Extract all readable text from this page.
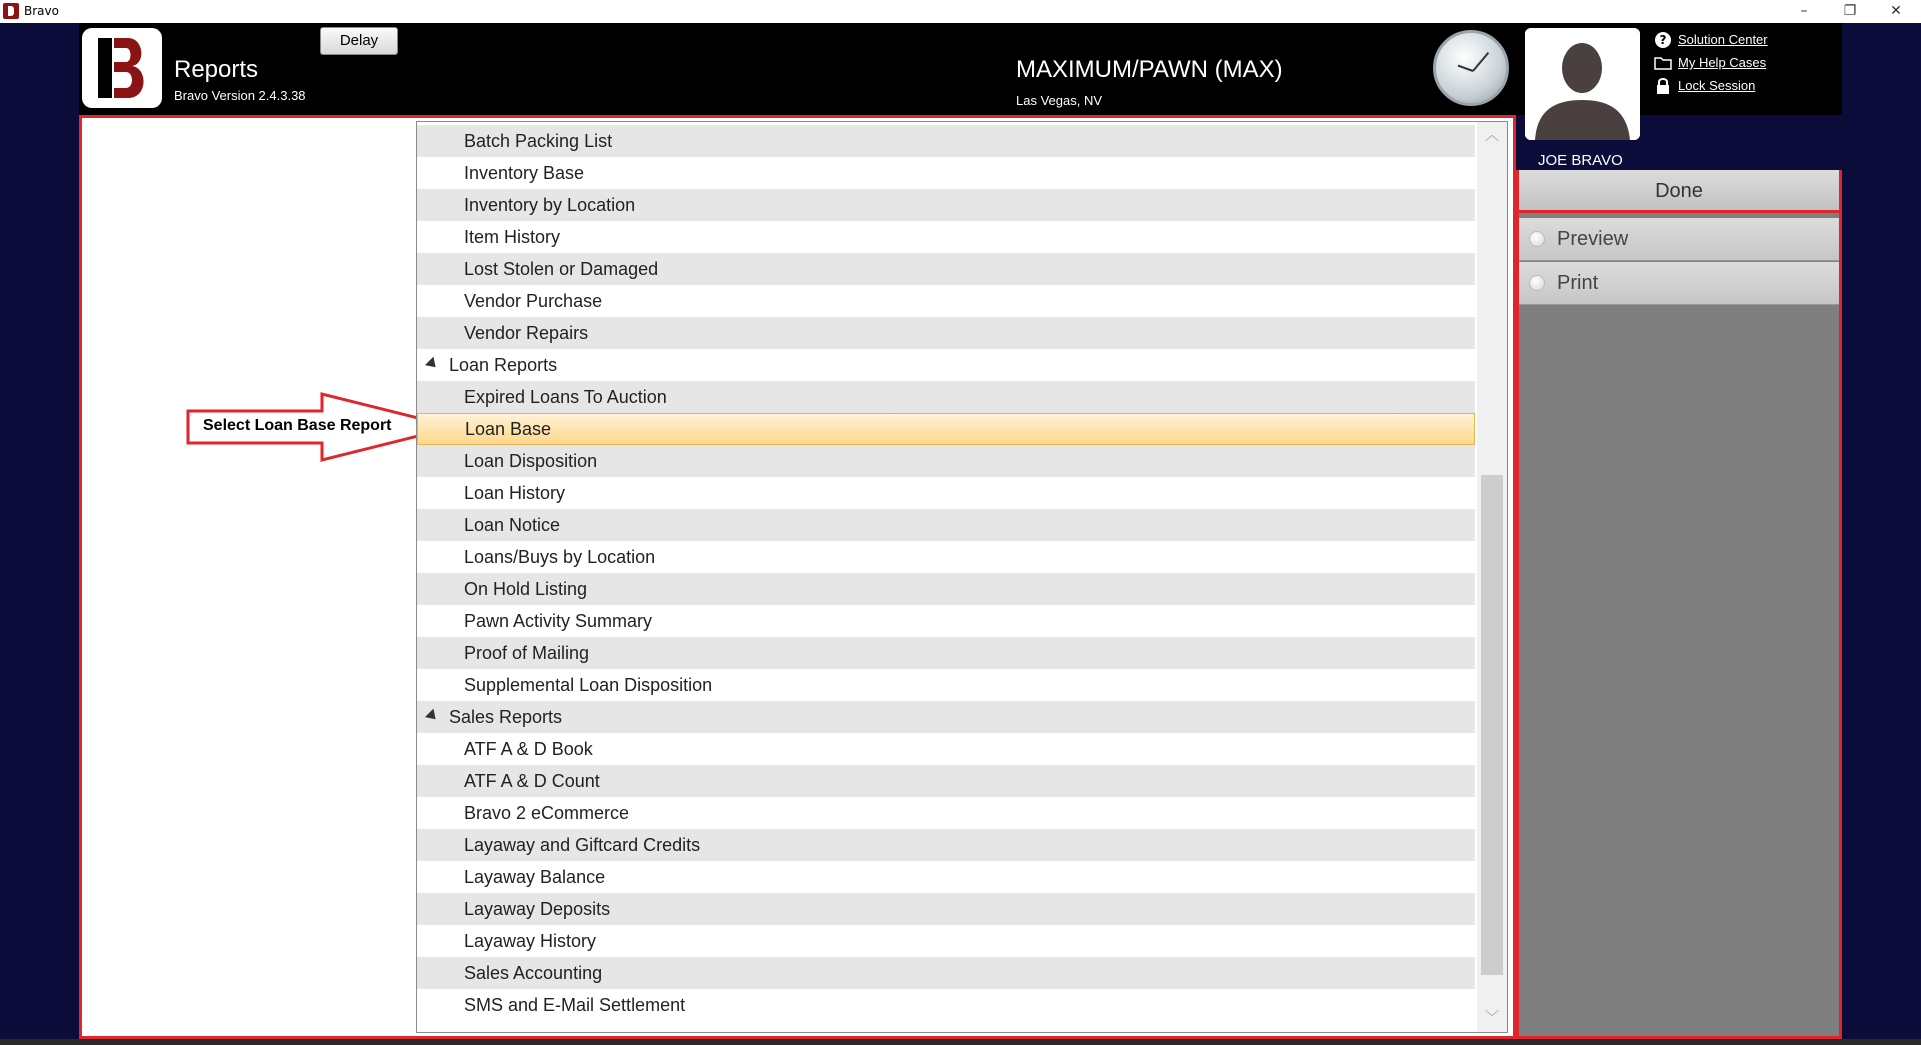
Bravo	–	❐	✕
Reports
Bravo Version 2.4.3.38
Delay
MAXIMUM/PAWN (MAX)
Las Vegas, NV
JOE BRAVO
? Solution Center
My Help Cases
Lock Session
Select Loan Base Report
Batch Packing List
Inventory Base
Inventory by Location
Item History
Lost Stolen or Damaged
Vendor Purchase
Vendor Repairs
Loan Reports
Expired Loans To Auction
Loan Base
Loan Disposition
Loan History
Loan Notice
Loans/Buys by Location
On Hold Listing
Pawn Activity Summary
Proof of Mailing
Supplemental Loan Disposition
Sales Reports
ATF A & D Book
ATF A & D Count
Bravo 2 eCommerce
Layaway and Giftcard Credits
Layaway Balance
Layaway Deposits
Layaway History
Sales Accounting
SMS and E-Mail Settlement
︿
﹀
Done
Preview
Print
